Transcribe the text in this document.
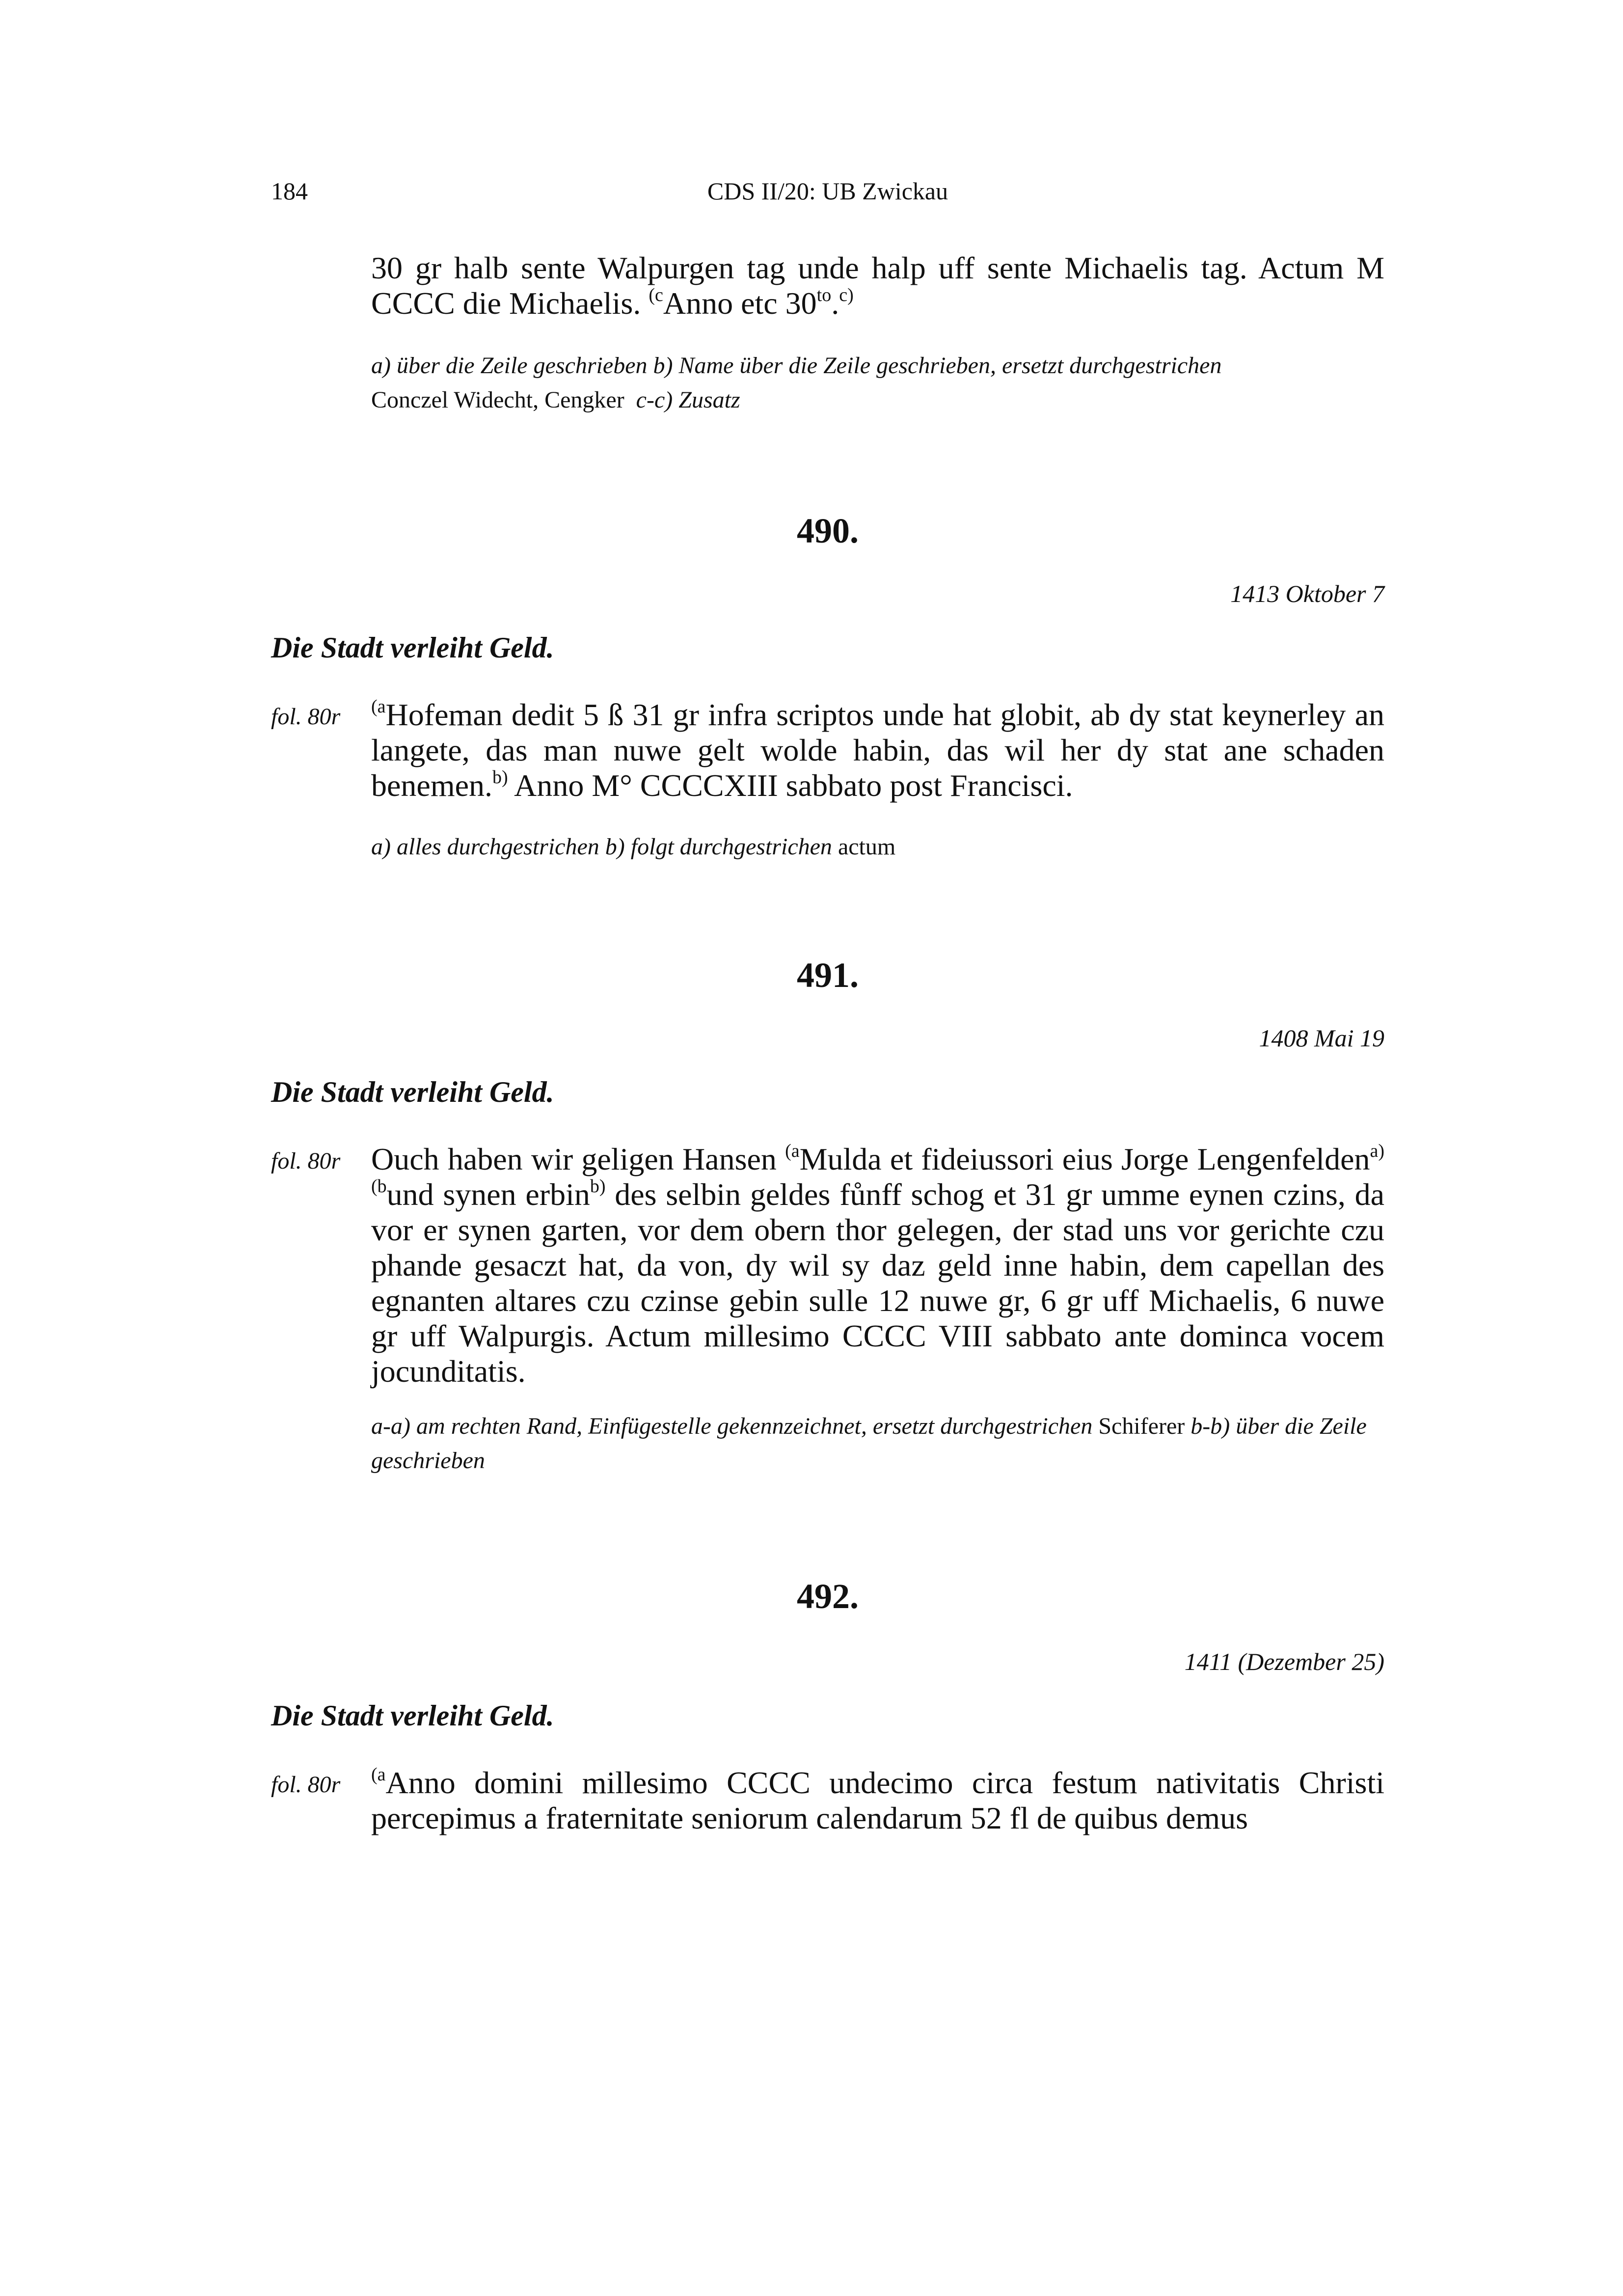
184	CDS II/20: UB Zwickau
30 gr halb sente Walpurgen tag unde halp uff sente Michaelis tag. Actum M CCCC die Michaelis. $^{(c}$Anno etc $30^{to}.^{c)}$
a) über die Zeile geschrieben b) Name über die Zeile geschrieben, ersetzt durchgestrichen
Conczel Widecht, Cengker c-c) Zusatz
490.
1413 Oktober 7
Die Stadt verleiht Geld.
fol. 80r $^{(a}$Hofeman dedit 5 ß 31 gr infra scriptos unde hat globit, ab dy stat keynerley an langete, das man nuwe gelt wolde habin, das wil her dy stat ane schaden benemen.$^{b)}$ Anno M° CCCCXIII sabbato post Francisci.
a) alles durchgestrichen b) folgt durchgestrichen actum
491.
1408 Mai 19
Die Stadt verleiht Geld.
fol. 80r Ouch haben wir geligen Hansen $^{(a}$Mulda et fideiussori eius Jorge Lengenfelden$^{a)}$ $^{(b}$und synen erbin$^{b)}$ des selbin geldes fůnff schog et 31 gr umme eynen czins, da vor er synen garten, vor dem obern thor gelegen, der stad uns vor gerichte czu phande gesaczt hat, da von, dy wil sy daz geld inne habin, dem capellan des egnanten altares czu czinse gebin sulle 12 nuwe gr, 6 gr uff Michaelis, 6 nuwe gr uff Walpurgis. Actum millesimo CCCC VIII sabbato ante dominca vocem jocunditatis.
a-a) am rechten Rand, Einfügestelle gekennzeichnet, ersetzt durchgestrichen Schiferer b-b) über die Zeile geschrieben
492.
1411 (Dezember 25)
Die Stadt verleiht Geld.
fol. 80r $^{(a}$Anno domini millesimo CCCC undecimo circa festum nativitatis Christi percepimus a fraternitate seniorum calendarum 52 fl de quibus demus
